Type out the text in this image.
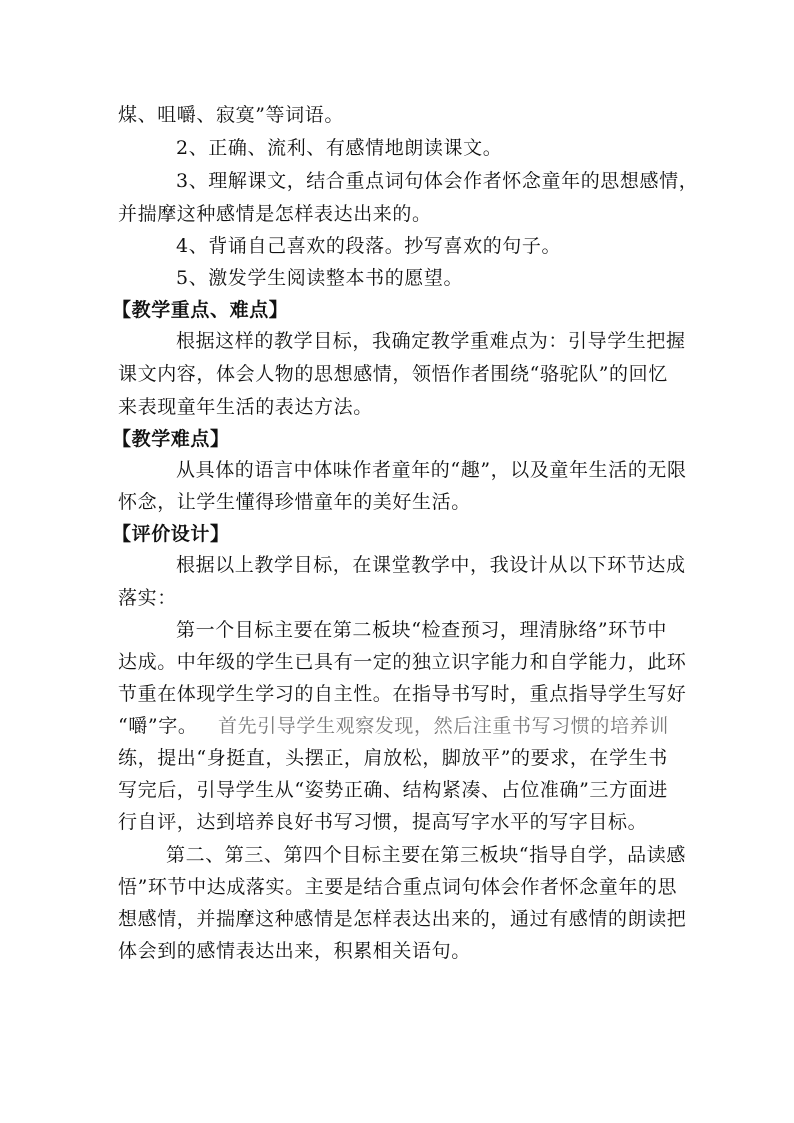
煤、咀嚼、寂寞”等词语。
2、正确、流利、有感情地朗读课文。
3、理解课文，结合重点词句体会作者怀念童年的思想感情，
并揣摩这种感情是怎样表达出来的。
4、背诵自己喜欢的段落。抄写喜欢的句子。
5、激发学生阅读整本书的愿望。
【教学重点、难点】
根据这样的教学目标，我确定教学重难点为：引导学生把握
课文内容，体会人物的思想感情，领悟作者围绕“骆驼队”的回忆
来表现童年生活的表达方法。
【教学难点】
从具体的语言中体味作者童年的“趣”，以及童年生活的无限
怀念，让学生懂得珍惜童年的美好生活。
【评价设计】
根据以上教学目标，在课堂教学中，我设计从以下环节达成
落实：
第一个目标主要在第二板块“检查预习，理清脉络”环节中
达成。中年级的学生已具有一定的独立识字能力和自学能力，此环
节重在体现学生学习的自主性。在指导书写时，重点指导学生写好
“嚼”字。 首先引导学生观察发现，然后注重书写习惯的培养训
练，提出“身挺直，头摆正，肩放松，脚放平”的要求，在学生书
写完后，引导学生从“姿势正确、结构紧凑、占位准确”三方面进
行自评，达到培养良好书写习惯，提高写字水平的写字目标。
第二、第三、第四个目标主要在第三板块“指导自学，品读感
悟”环节中达成落实。主要是结合重点词句体会作者怀念童年的思
想感情，并揣摩这种感情是怎样表达出来的，通过有感情的朗读把
体会到的感情表达出来，积累相关语句。
